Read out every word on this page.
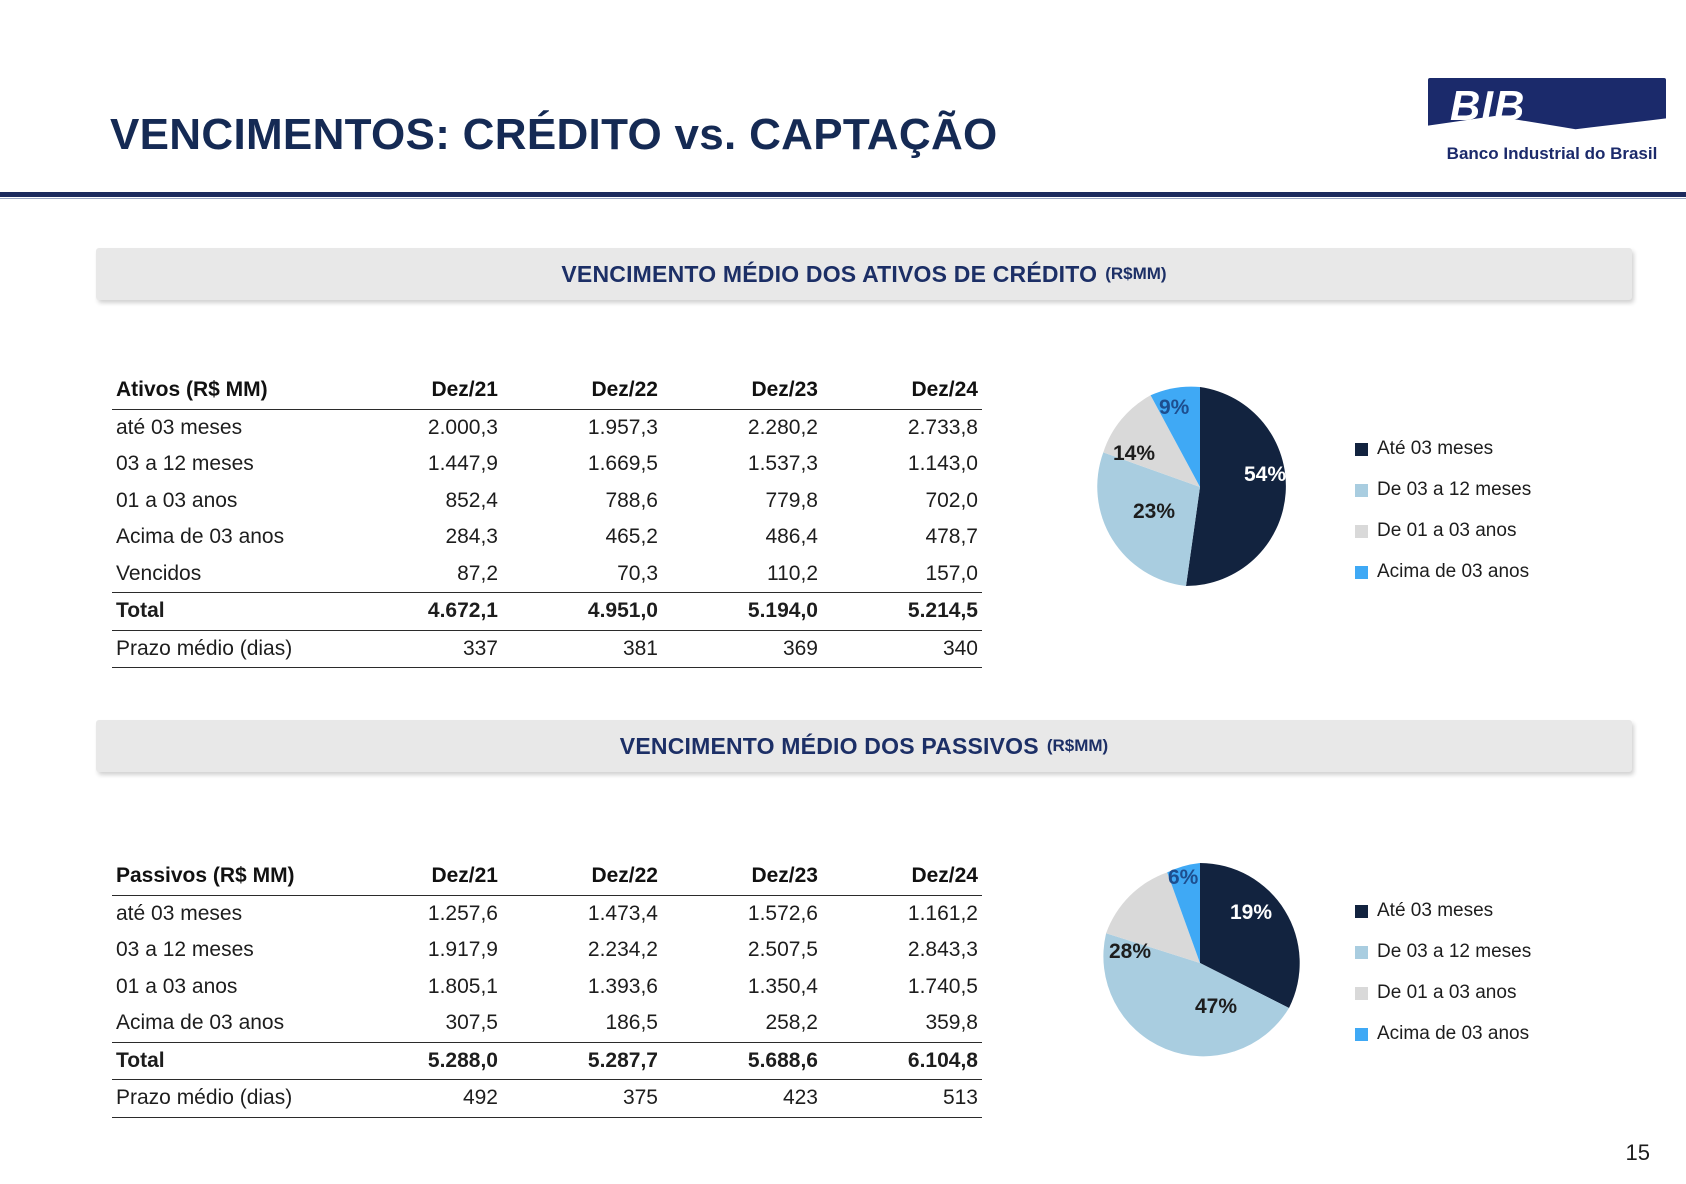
VENCIMENTOS: CRÉDITO vs. CAPTAÇÃO
BIB
Banco Industrial do Brasil
VENCIMENTO MÉDIO DOS ATIVOS DE CRÉDITO (R$MM)
Ativos (R$ MM)	Dez/21	Dez/22	Dez/23	Dez/24
até 03 meses	2.000,3	1.957,3	2.280,2	2.733,8
03 a 12 meses	1.447,9	1.669,5	1.537,3	1.143,0
01 a 03 anos	852,4	788,6	779,8	702,0
Acima de 03 anos	284,3	465,2	486,4	478,7
Vencidos	87,2	70,3	110,2	157,0
Total	4.672,1	4.951,0	5.194,0	5.214,5
Prazo médio (dias)	337	381	369	340
54%
23%
14%
9%
Até 03 meses
De 03 a 12 meses
De 01 a 03 anos
Acima de 03 anos
VENCIMENTO MÉDIO DOS PASSIVOS (R$MM)
Passivos (R$ MM)	Dez/21	Dez/22	Dez/23	Dez/24
até 03 meses	1.257,6	1.473,4	1.572,6	1.161,2
03 a 12 meses	1.917,9	2.234,2	2.507,5	2.843,3
01 a 03 anos	1.805,1	1.393,6	1.350,4	1.740,5
Acima de 03 anos	307,5	186,5	258,2	359,8
Total	5.288,0	5.287,7	5.688,6	6.104,8
Prazo médio (dias)	492	375	423	513
19%
47%
28%
6%
Até 03 meses
De 03 a 12 meses
De 01 a 03 anos
Acima de 03 anos
15
